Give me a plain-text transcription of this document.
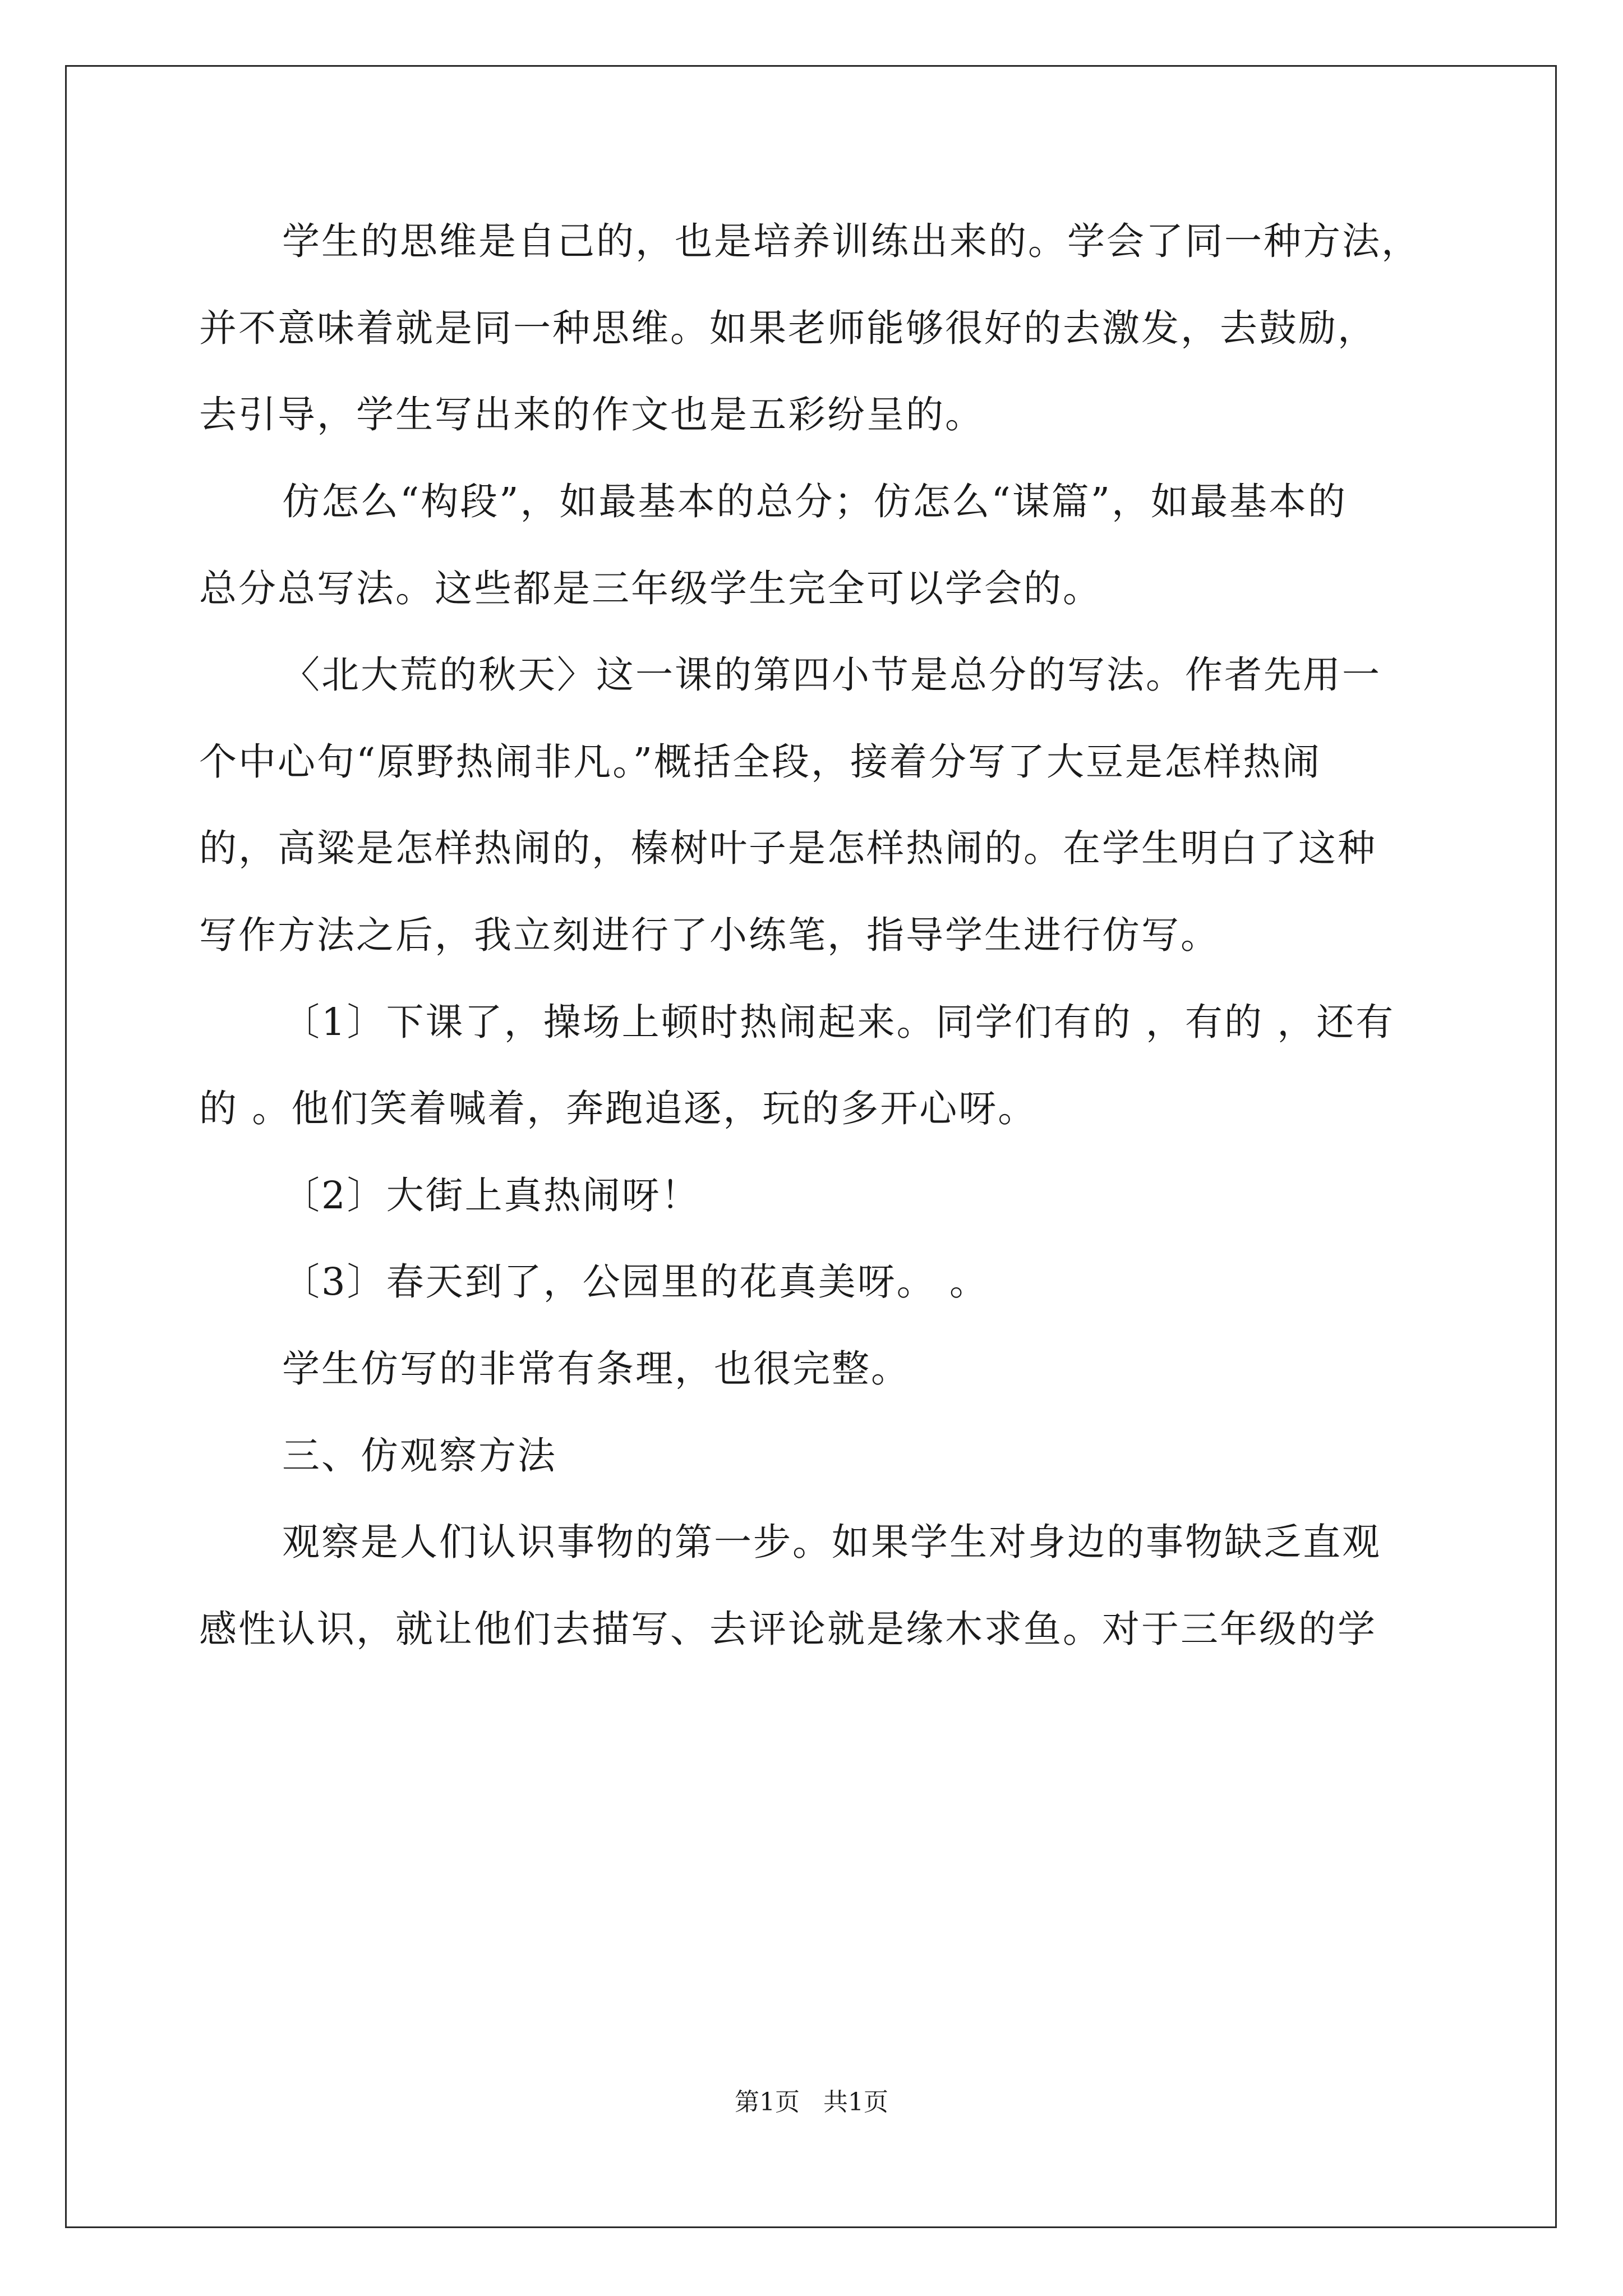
学生的思维是自己的，也是培养训练出来的。学会了同一种方法，
并不意味着就是同一种思维。如果老师能够很好的去激发，去鼓励，
去引导，学生写出来的作文也是五彩纷呈的。
仿怎么“构段”，如最基本的总分；仿怎么“谋篇”，如最基本的
总分总写法。这些都是三年级学生完全可以学会的。
〈北大荒的秋天〉这一课的第四小节是总分的写法。作者先用一
个中心句“原野热闹非凡。”概括全段，接着分写了大豆是怎样热闹
的，高粱是怎样热闹的，榛树叶子是怎样热闹的。在学生明白了这种
写作方法之后，我立刻进行了小练笔，指导学生进行仿写。
〔1〕下课了，操场上顿时热闹起来。同学们有的 ，有的 ，还有
的 。他们笑着喊着，奔跑追逐，玩的多开心呀。
〔2〕大街上真热闹呀！
〔3〕春天到了，公园里的花真美呀。 。
学生仿写的非常有条理，也很完整。
三、仿观察方法
观察是人们认识事物的第一步。如果学生对身边的事物缺乏直观
感性认识，就让他们去描写、去评论就是缘木求鱼。对于三年级的学
第1页 共1页
